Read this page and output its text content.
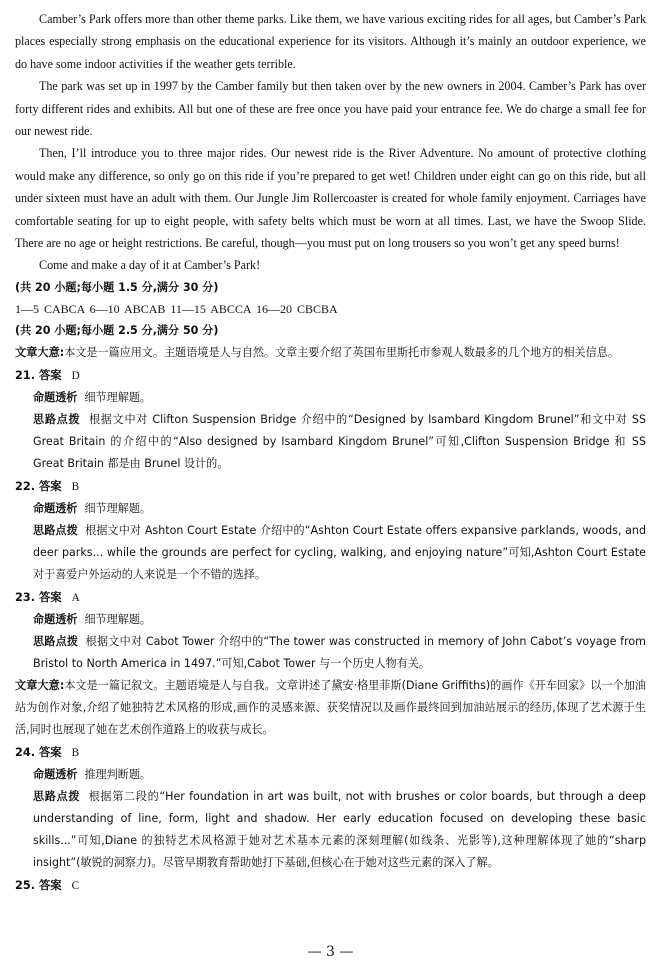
Camber’s Park offers more than other theme parks. Like them, we have various exciting rides for all ages, but Camber’s Park places especially strong emphasis on the educational experience for its visitors. Although it’s mainly an outdoor experience, we do have some indoor activities if the weather gets terrible.

The park was set up in 1997 by the Camber family but then taken over by the new owners in 2004. Camber’s Park has over forty different rides and exhibits. All but one of these are free once you have paid your entrance fee. We do charge a small fee for our newest ride.

Then, I’ll introduce you to three major rides. Our newest ride is the River Adventure. No amount of protective clothing would make any difference, so only go on this ride if you’re prepared to get wet! Children under eight can go on this ride, but all under sixteen must have an adult with them. Our Jungle Jim Rollercoaster is created for whole family enjoyment. Carriages have comfortable seating for up to eight people, with safety belts which must be worn at all times. Last, we have the Swoop Slide. There are no age or height restrictions. Be careful, though—you must put on long trousers so you won’t get any speed burns!

Come and make a day of it at Camber’s Park!

(共 20 小题;每小题 1.5 分,满分 30 分)

1—5 CABCA 6—10 ABCAB 11—15 ABCCA 16—20 CBCBA

(共 20 小题;每小题 2.5 分,满分 50 分)

文章大意:本文是一篇应用文。主题语境是人与自然。文章主要介绍了英国布里斯托市参观人数最多的几个地方的相关信息。

21. 答案 D

命题透析 细节理解题。

思路点拨 根据文中对 Clifton Suspension Bridge 介绍中的“Designed by Isambard Kingdom Brunel”和文中对 SS Great Britain 的介绍中的“Also designed by Isambard Kingdom Brunel”可知,Clifton Suspension Bridge 和 SS Great Britain 都是由 Brunel 设计的。

22. 答案 B

命题透析 细节理解题。

思路点拨 根据文中对 Ashton Court Estate 介绍中的“Ashton Court Estate offers expansive parklands, woods, and deer parks... while the grounds are perfect for cycling, walking, and enjoying nature”可知,Ashton Court Estate 对于喜爱户外运动的人来说是一个不错的选择。

23. 答案 A

命题透析 细节理解题。

思路点拨 根据文中对 Cabot Tower 介绍中的“The tower was constructed in memory of John Cabot’s voyage from Bristol to North America in 1497.”可知,Cabot Tower 与一个历史人物有关。

文章大意:本文是一篇记叙文。主题语境是人与自我。文章讲述了黛安·格里菲斯(Diane Griffiths)的画作《开车回家》以一个加油站为创作对象,介绍了她独特艺术风格的形成,画作的灵感来源、获奖情况以及画作最终回到加油站展示的经历,体现了艺术源于生活,同时也展现了她在艺术创作道路上的收获与成长。

24. 答案 B

命题透析 推理判断题。

思路点拨 根据第二段的“Her foundation in art was built, not with brushes or color boards, but through a deep understanding of line, form, light and shadow. Her early education focused on developing these basic skills...”可知,Diane 的独特艺术风格源于她对艺术基本元素的深刻理解(如线条、光影等),这种理解体现了她的“sharp insight”(敏锐的洞察力)。尽管早期教育帮助她打下基础,但核心在于她对这些元素的深入了解。

25. 答案 C

— 3 —
